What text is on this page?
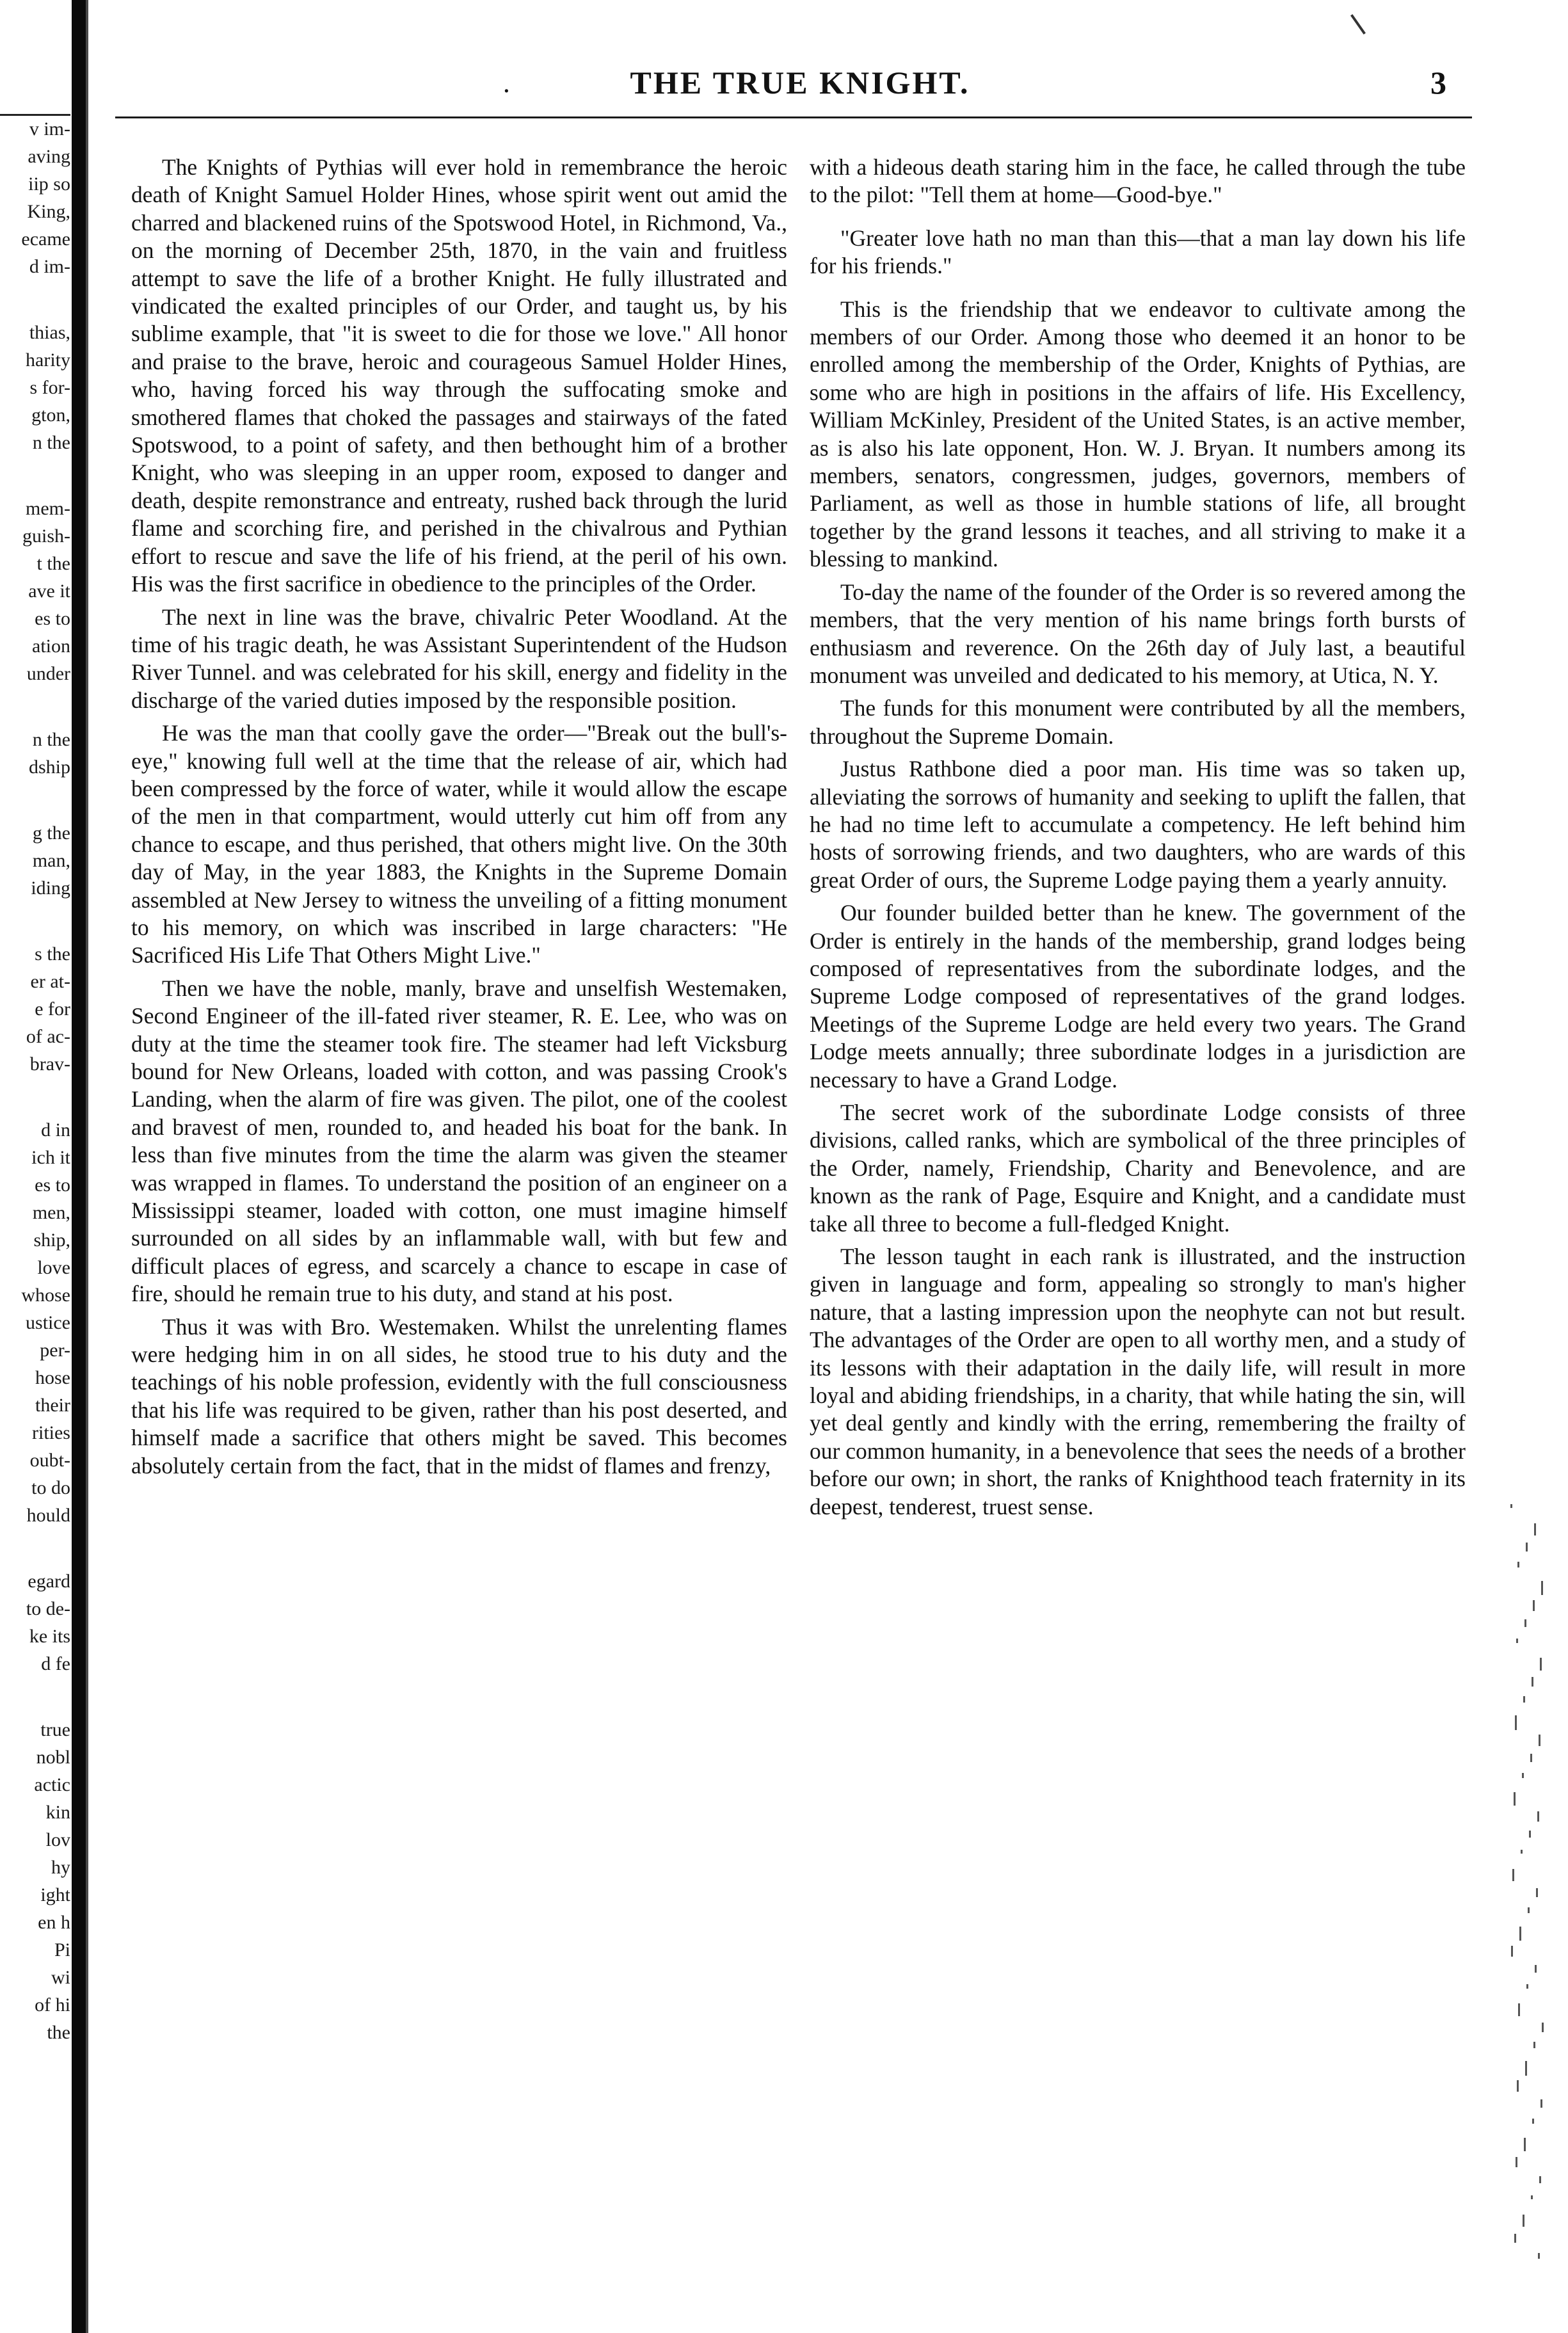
v im-
aving
iip so
King,
ecame
d im-
thias,
harity
s for-
gton,
n the
mem-
guish-
t the
ave it
es to
ation
under
n the
dship
g the
man,
iding
s the
er at-
e for
of ac-
brav-
d in
ich it
es to
men,
ship,
love
whose
ustice
per-
hose
their
rities
oubt-
to do
hould
egard
to de-
ke its
d fe
true
nobl
actic
kin
lov
hy
ight
en h
Pi
wi
of hi
the
.	THE TRUE KNIGHT.	3

The Knights of Pythias will ever hold in remembrance the heroic death of Knight Samuel Holder Hines, whose spirit went out amid the charred and blackened ruins of the Spotswood Hotel, in Richmond, Va., on the morning of December 25th, 1870, in the vain and fruitless attempt to save the life of a brother Knight. He fully illustrated and vindicated the exalted principles of our Order, and taught us, by his sublime example, that "it is sweet to die for those we love." All honor and praise to the brave, heroic and courageous Samuel Holder Hines, who, having forced his way through the suffocating smoke and smothered flames that choked the passages and stairways of the fated Spotswood, to a point of safety, and then bethought him of a brother Knight, who was sleeping in an upper room, exposed to danger and death, despite remonstrance and entreaty, rushed back through the lurid flame and scorching fire, and perished in the chivalrous and Pythian effort to rescue and save the life of his friend, at the peril of his own. His was the first sacrifice in obedience to the principles of the Order.

The next in line was the brave, chivalric Peter Woodland. At the time of his tragic death, he was Assistant Superintendent of the Hudson River Tunnel. and was celebrated for his skill, energy and fidelity in the discharge of the varied duties imposed by the responsible position.

He was the man that coolly gave the order—"Break out the bull's-eye," knowing full well at the time that the release of air, which had been compressed by the force of water, while it would allow the escape of the men in that compartment, would utterly cut him off from any chance to escape, and thus perished, that others might live. On the 30th day of May, in the year 1883, the Knights in the Supreme Domain assembled at New Jersey to witness the unveiling of a fitting monument to his memory, on which was inscribed in large characters: "He Sacrificed His Life That Others Might Live."

Then we have the noble, manly, brave and unselfish Westemaken, Second Engineer of the ill-fated river steamer, R. E. Lee, who was on duty at the time the steamer took fire. The steamer had left Vicksburg bound for New Orleans, loaded with cotton, and was passing Crook's Landing, when the alarm of fire was given. The pilot, one of the coolest and bravest of men, rounded to, and headed his boat for the bank. In less than five minutes from the time the alarm was given the steamer was wrapped in flames. To understand the position of an engineer on a Mississippi steamer, loaded with cotton, one must imagine himself surrounded on all sides by an inflammable wall, with but few and difficult places of egress, and scarcely a chance to escape in case of fire, should he remain true to his duty, and stand at his post.

Thus it was with Bro. Westemaken. Whilst the unrelenting flames were hedging him in on all sides, he stood true to his duty and the teachings of his noble profession, evidently with the full consciousness that his life was required to be given, rather than his post deserted, and himself made a sacrifice that others might be saved. This becomes absolutely certain from the fact, that in the midst of flames and frenzy,

with a hideous death staring him in the face, he called through the tube to the pilot: "Tell them at home—Good-bye."

"Greater love hath no man than this—that a man lay down his life for his friends."

This is the friendship that we endeavor to cultivate among the members of our Order. Among those who deemed it an honor to be enrolled among the membership of the Order, Knights of Pythias, are some who are high in positions in the affairs of life. His Excellency, William McKinley, President of the United States, is an active member, as is also his late opponent, Hon. W. J. Bryan. It numbers among its members, senators, congressmen, judges, governors, members of Parliament, as well as those in humble stations of life, all brought together by the grand lessons it teaches, and all striving to make it a blessing to mankind.

To-day the name of the founder of the Order is so revered among the members, that the very mention of his name brings forth bursts of enthusiasm and reverence. On the 26th day of July last, a beautiful monument was unveiled and dedicated to his memory, at Utica, N. Y.

The funds for this monument were contributed by all the members, throughout the Supreme Domain.

Justus Rathbone died a poor man. His time was so taken up, alleviating the sorrows of humanity and seeking to uplift the fallen, that he had no time left to accumulate a competency. He left behind him hosts of sorrowing friends, and two daughters, who are wards of this great Order of ours, the Supreme Lodge paying them a yearly annuity.

Our founder builded better than he knew. The government of the Order is entirely in the hands of the membership, grand lodges being composed of representatives from the subordinate lodges, and the Supreme Lodge composed of representatives of the grand lodges. Meetings of the Supreme Lodge are held every two years. The Grand Lodge meets annually; three subordinate lodges in a jurisdiction are necessary to have a Grand Lodge.

The secret work of the subordinate Lodge consists of three divisions, called ranks, which are symbolical of the three principles of the Order, namely, Friendship, Charity and Benevolence, and are known as the rank of Page, Esquire and Knight, and a candidate must take all three to become a full-fledged Knight.

The lesson taught in each rank is illustrated, and the instruction given in language and form, appealing so strongly to man's higher nature, that a lasting impression upon the neophyte can not but result. The advantages of the Order are open to all worthy men, and a study of its lessons with their adaptation in the daily life, will result in more loyal and abiding friendships, in a charity, that while hating the sin, will yet deal gently and kindly with the erring, remembering the frailty of our common humanity, in a benevolence that sees the needs of a brother before our own; in short, the ranks of Knighthood teach fraternity in its deepest, tenderest, truest sense.
